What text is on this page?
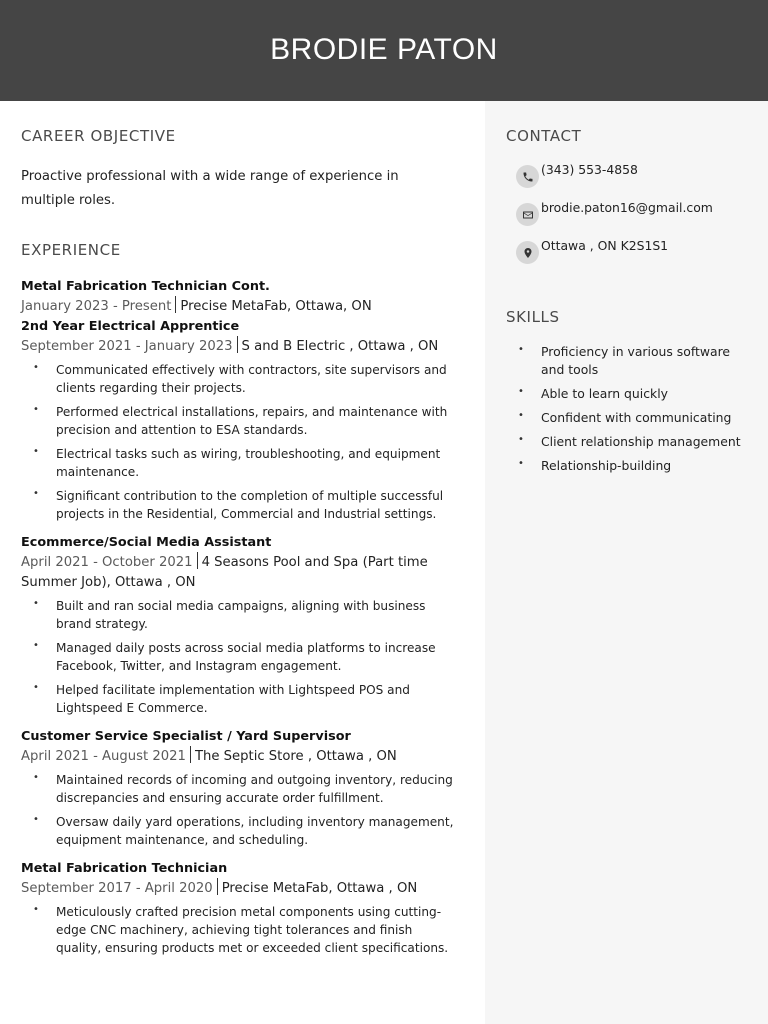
BRODIE PATON
CAREER OBJECTIVE

Proactive professional with a wide range of experience in multiple roles.

EXPERIENCE
Metal Fabrication Technician Cont.
January 2023 - Present Precise MetaFab, Ottawa, ON
2nd Year Electrical Apprentice
September 2021 - January 2023 S and B Electric , Ottawa , ON
• Communicated effectively with contractors, site supervisors and clients regarding their projects.
• Performed electrical installations, repairs, and maintenance with precision and attention to ESA standards.
• Electrical tasks such as wiring, troubleshooting, and equipment maintenance.
• Significant contribution to the completion of multiple successful projects in the Residential, Commercial and Industrial settings.
Ecommerce/Social Media Assistant
April 2021 - October 2021 4 Seasons Pool and Spa (Part time Summer Job), Ottawa , ON
• Built and ran social media campaigns, aligning with business brand strategy.
• Managed daily posts across social media platforms to increase Facebook, Twitter, and Instagram engagement.
• Helped facilitate implementation with Lightspeed POS and Lightspeed E Commerce.
Customer Service Specialist / Yard Supervisor
April 2021 - August 2021 The Septic Store , Ottawa , ON
• Maintained records of incoming and outgoing inventory, reducing discrepancies and ensuring accurate order fulfillment.
• Oversaw daily yard operations, including inventory management, equipment maintenance, and scheduling.
Metal Fabrication Technician
September 2017 - April 2020 Precise MetaFab, Ottawa , ON
• Meticulously crafted precision metal components using cutting-edge CNC machinery, achieving tight tolerances and finish quality, ensuring products met or exceeded client specifications.
CONTACT
(343) 553-4858
brodie.paton16@gmail.com
Ottawa , ON K2S1S1
SKILLS
• Proficiency in various software and tools
• Able to learn quickly
• Confident with communicating
• Client relationship management
• Relationship-building
